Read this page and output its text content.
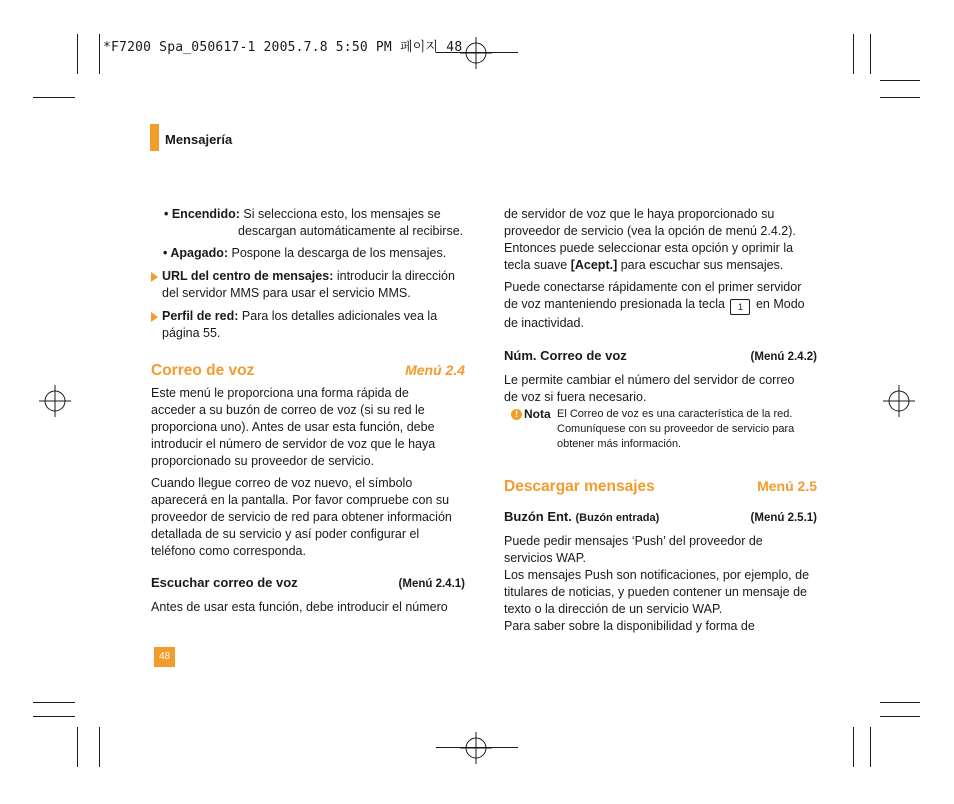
*F7200 Spa_050617-1 2005.7.8 5:50 PM 페이지 48
Mensajería

• Encendido: Si selecciona esto, los mensajes se
descargan automáticamente al recibirse.

• Apagado: Pospone la descarga de los mensajes.

URL del centro de mensajes: introducir la dirección
del servidor MMS para usar el servicio MMS.

Perfil de red: Para los detalles adicionales vea la
página 55.

Correo de voz	Menú 2.4

Este menú le proporciona una forma rápida de
acceder a su buzón de correo de voz (si su red le
proporciona uno). Antes de usar esta función, debe
introducir el número de servidor de voz que le haya
proporcionado su proveedor de servicio.

Cuando llegue correo de voz nuevo, el símbolo
aparecerá en la pantalla. Por favor compruebe con su
proveedor de servicio de red para obtener información
detallada de su servicio y así poder configurar el
teléfono como corresponda.

Escuchar correo de voz	(Menú 2.4.1)

Antes de usar esta función, debe introducir el número

de servidor de voz que le haya proporcionado su
proveedor de servicio (vea la opción de menú 2.4.2).
Entonces puede seleccionar esta opción y oprimir la
tecla suave [Acept.] para escuchar sus mensajes.

Puede conectarse rápidamente con el primer servidor
de voz manteniendo presionada la tecla 1 en Modo
de inactividad.

Núm. Correo de voz	(Menú 2.4.2)

Le permite cambiar el número del servidor de correo
de voz si fuera necesario.

! Nota El Correo de voz es una característica de la red.
Comuníquese con su proveedor de servicio para
obtener más información.
Descargar mensajes	Menú 2.5
Buzón Ent. (Buzón entrada)	(Menú 2.5.1)

Puede pedir mensajes ‘Push’ del proveedor de
servicios WAP.
Los mensajes Push son notificaciones, por ejemplo, de
titulares de noticias, y pueden contener un mensaje de
texto o la dirección de un servicio WAP.
Para saber sobre la disponibilidad y forma de

48
